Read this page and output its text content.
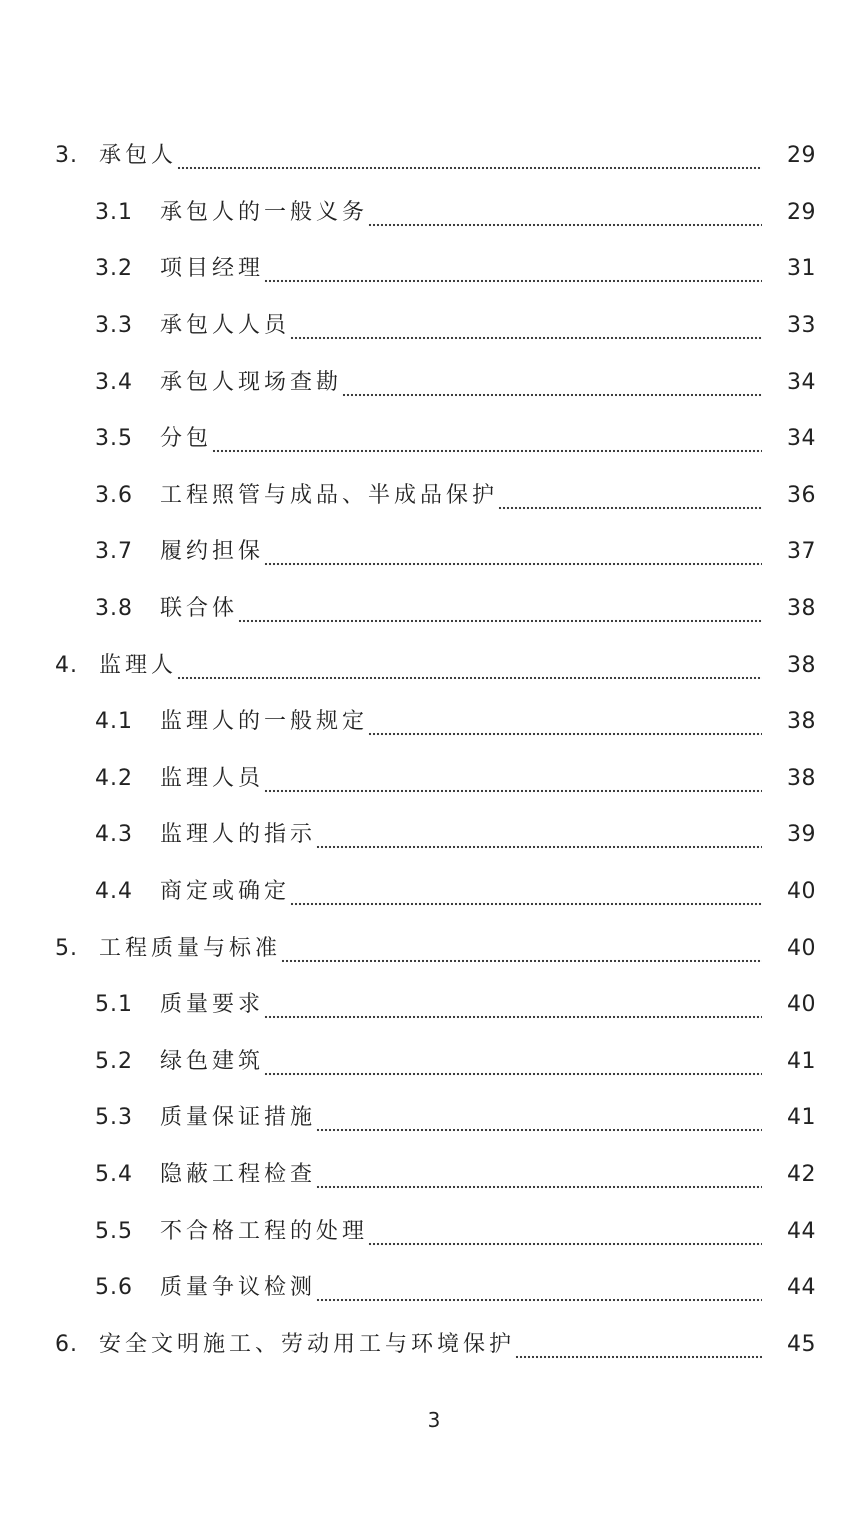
3. 承包人	29
3.1	承包人的一般义务	29
3.2	项目经理	31
3.3	承包人人员	33
3.4	承包人现场查勘	34
3.5	分包	34
3.6	工程照管与成品、半成品保护	36
3.7	履约担保	37
3.8	联合体	38
4. 监理人	38
4.1	监理人的一般规定	38
4.2	监理人员	38
4.3	监理人的指示	39
4.4	商定或确定	40
5. 工程质量与标准	40
5.1	质量要求	40
5.2	绿色建筑	41
5.3	质量保证措施	41
5.4	隐蔽工程检查	42
5.5	不合格工程的处理	44
5.6	质量争议检测	44
6. 安全文明施工、劳动用工与环境保护	45
3
